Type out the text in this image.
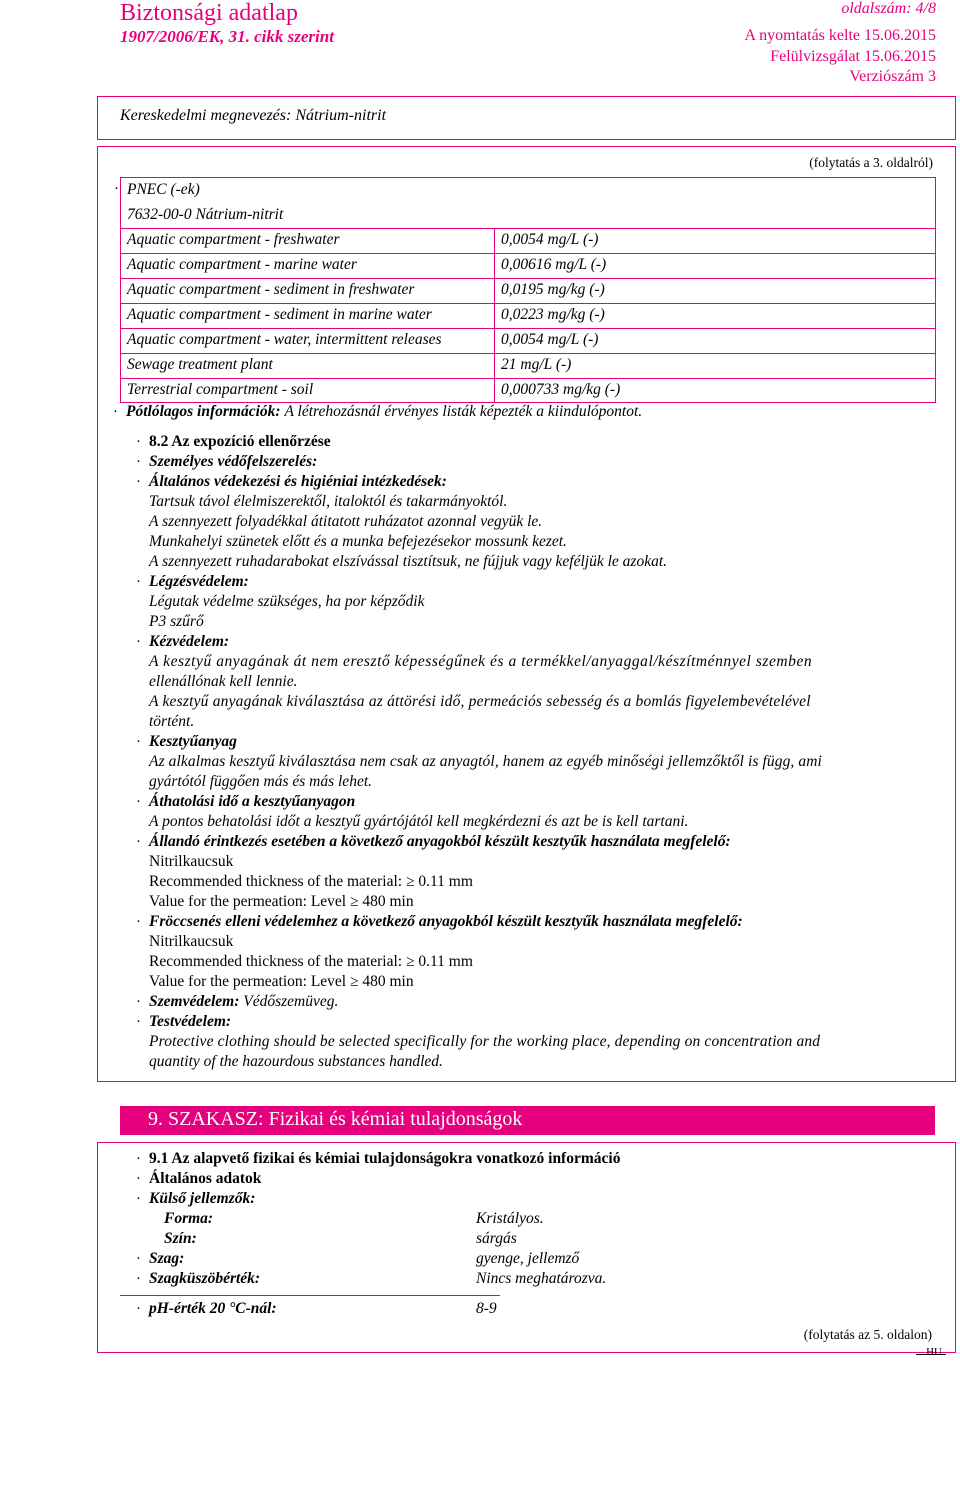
Biztonsági adatlap
1907/2006/EK, 31. cikk szerint
oldalszám: 4/8
A nyomtatás kelte 15.06.2015
Felülvizsgálat 15.06.2015
Verziószám 3
Kereskedelmi megnevezés: Nátrium-nitrit
(folytatás a 3. oldalról)
· PNEC (-ek)
7632-00-0 Nátrium-nitrit
Aquatic compartment - freshwater	0,0054 mg/L (-)
Aquatic compartment - marine water	0,00616 mg/L (-)
Aquatic compartment - sediment in freshwater	0,0195 mg/kg (-)
Aquatic compartment - sediment in marine water	0,0223 mg/kg (-)
Aquatic compartment - water, intermittent releases	0,0054 mg/L (-)
Sewage treatment plant	21 mg/L (-)
Terrestrial compartment - soil	0,000733 mg/kg (-)
· Pótlólagos információk: A létrehozásnál érvényes listák képezték a kiindulópontot.
· 8.2 Az expozíció ellenőrzése
· Személyes védőfelszerelés:
· Általános védekezési és higiéniai intézkedések:
Tartsuk távol élelmiszerektől, italoktól és takarmányoktól.
A szennyezett folyadékkal átitatott ruházatot azonnal vegyük le.
Munkahelyi szünetek előtt és a munka befejezésekor mossunk kezet.
A szennyezett ruhadarabokat elszívással tisztítsuk, ne fújjuk vagy keféljük le azokat.
· Légzésvédelem:
Légutak védelme szükséges, ha por képződik
P3 szűrő
· Kézvédelem:
A kesztyű anyagának át nem eresztő képességűnek és a termékkel/anyaggal/készítménnyel szemben
ellenállónak kell lennie.
A kesztyű anyagának kiválasztása az áttörési idő, permeációs sebesség és a bomlás figyelembevételével
történt.
· Kesztyűanyag
Az alkalmas kesztyű kiválasztása nem csak az anyagtól, hanem az egyéb minőségi jellemzőktől is függ, ami
gyártótól függően más és más lehet.
· Áthatolási idő a kesztyűanyagon
A pontos behatolási időt a kesztyű gyártójától kell megkérdezni és azt be is kell tartani.
· Állandó érintkezés esetében a következő anyagokból készült kesztyűk használata megfelelő:
Nitrilkaucsuk
Recommended thickness of the material: ≥ 0.11 mm
Value for the permeation: Level ≥ 480 min
· Fröccsenés elleni védelemhez a következő anyagokból készült kesztyűk használata megfelelő:
Nitrilkaucsuk
Recommended thickness of the material: ≥ 0.11 mm
Value for the permeation: Level ≥ 480 min
· Szemvédelem: Védőszemüveg.
· Testvédelem:
Protective clothing should be selected specifically for the working place, depending on concentration and
quantity of the hazourdous substances handled.
9. SZAKASZ: Fizikai és kémiai tulajdonságok
· 9.1 Az alapvető fizikai és kémiai tulajdonságokra vonatkozó információ
· Általános adatok
· Külső jellemzők:
Forma:	Kristályos.
Szín:	sárgás
· Szag:	gyenge, jellemző
· Szagküszöbérték:	Nincs meghatározva.
· pH-érték 20 °C-nál:	8-9
(folytatás az 5. oldalon)
HU
